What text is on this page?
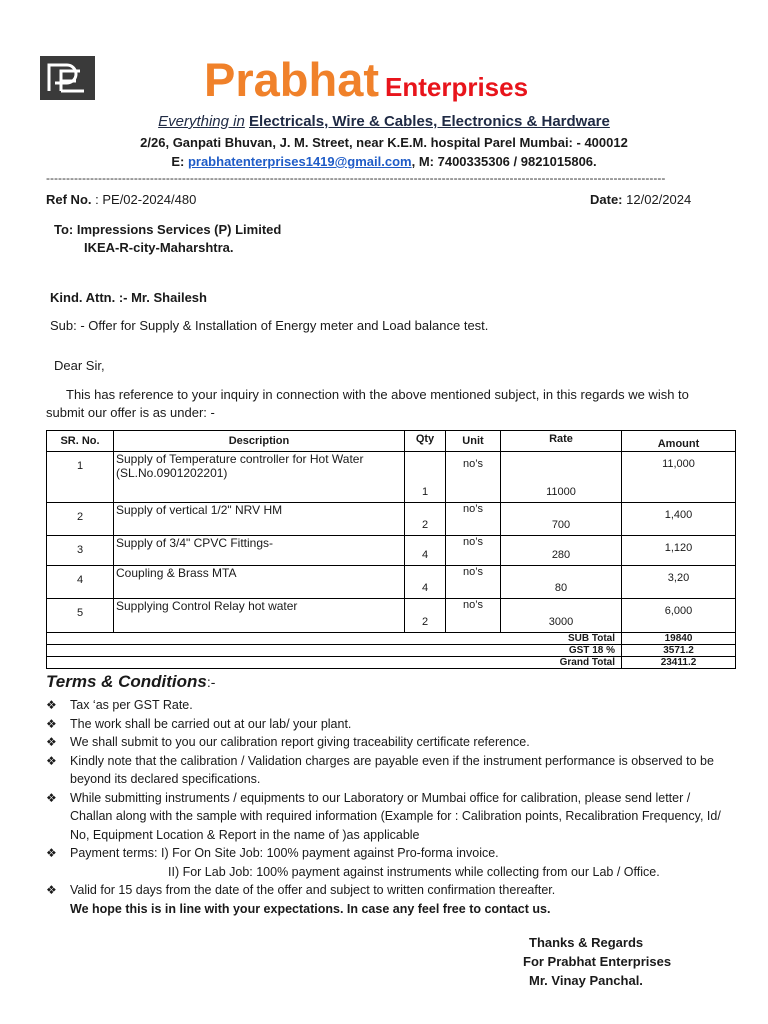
Prabhat Enterprises
Everything in Electricals, Wire & Cables, Electronics & Hardware
2/26, Ganpati Bhuvan, J. M. Street, near K.E.M. hospital Parel Mumbai: - 400012
E: prabhatenterprises1419@gmail.com, M: 7400335306 / 9821015806.
-----------------------------------------------------------------------------------------------------------------------------------------------------------
Ref No. : PE/02-2024/480	Date: 12/02/2024
To: Impressions Services (P) Limited
IKEA-R-city-Maharshtra.
Kind. Attn. :- Mr. Shailesh
Sub: - Offer for Supply & Installation of Energy meter and Load balance test.
Dear Sir,
This has reference to your inquiry in connection with the above mentioned subject, in this regards we wish to submit our offer is as under: -
SR. No.	Description	Qty	Unit	Rate	Amount
1	Supply of Temperature controller for Hot Water (SL.No.0901202201)	1	no’s	11000	11,000
2	Supply of vertical 1/2" NRV HM	2	no’s	700	1,400
3	Supply of 3/4" CPVC Fittings-	4	no’s	280	1,120
4	Coupling & Brass MTA	4	no’s	80	3,20
5	Supplying Control Relay hot water	2	no’s	3000	6,000
SUB Total					19840
GST 18 %					3571.2
Grand Total					23411.2
Terms & Conditions:-
❖ Tax ‘as per GST Rate.
❖ The work shall be carried out at our lab/ your plant.
❖ We shall submit to you our calibration report giving traceability certificate reference.
❖ Kindly note that the calibration / Validation charges are payable even if the instrument performance is observed to be beyond its declared specifications.
❖ While submitting instruments / equipments to our Laboratory or Mumbai office for calibration, please send letter / Challan along with the sample with required information (Example for : Calibration points, Recalibration Frequency, Id/ No, Equipment Location & Report in the name of )as applicable
❖ Payment terms: I) For On Site Job: 100% payment against Pro-forma invoice.
II) For Lab Job: 100% payment against instruments while collecting from our Lab / Office.
❖ Valid for 15 days from the date of the offer and subject to written confirmation thereafter.
We hope this is in line with your expectations. In case any feel free to contact us.
Thanks & Regards
For Prabhat Enterprises
Mr. Vinay Panchal.
